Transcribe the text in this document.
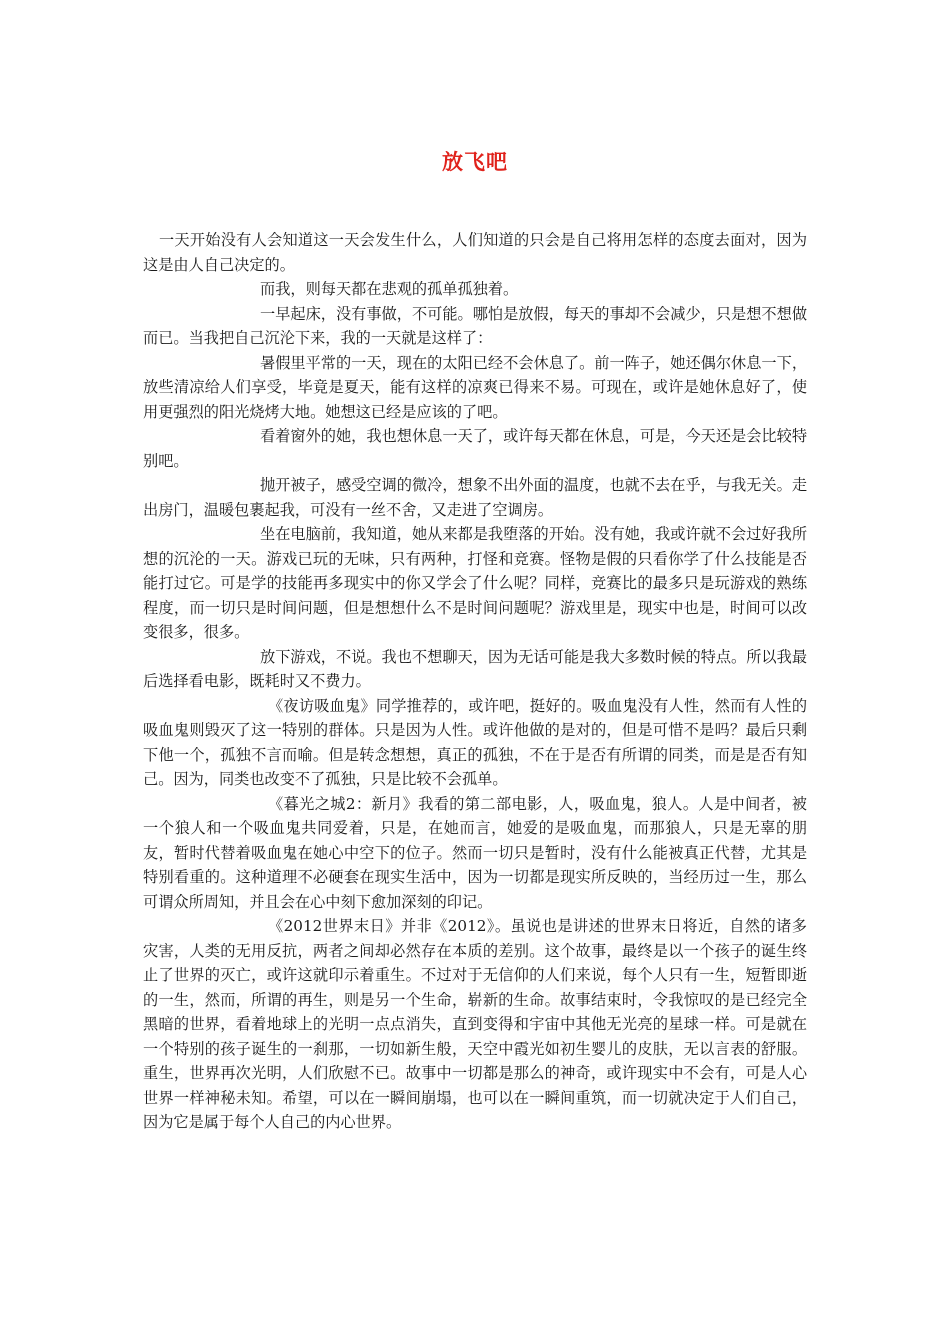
放飞吧

一天开始没有人会知道这一天会发生什么，人们知道的只会是自己将用怎样的态度去面对，因为这是由人自己决定的。

而我，则每天都在悲观的孤单孤独着。

一早起床，没有事做，不可能。哪怕是放假，每天的事却不会减少，只是想不想做而已。当我把自己沉沦下来，我的一天就是这样了：

暑假里平常的一天，现在的太阳已经不会休息了。前一阵子，她还偶尔休息一下，放些清凉给人们享受，毕竟是夏天，能有这样的凉爽已得来不易。可现在，或许是她休息好了，使用更强烈的阳光烧烤大地。她想这已经是应该的了吧。

看着窗外的她，我也想休息一天了，或许每天都在休息，可是，今天还是会比较特别吧。

抛开被子，感受空调的微冷，想象不出外面的温度，也就不去在乎，与我无关。走出房门，温暖包裹起我，可没有一丝不舍，又走进了空调房。

坐在电脑前，我知道，她从来都是我堕落的开始。没有她，我或许就不会过好我所想的沉沦的一天。游戏已玩的无味，只有两种，打怪和竞赛。怪物是假的只看你学了什么技能是否能打过它。可是学的技能再多现实中的你又学会了什么呢？同样，竞赛比的最多只是玩游戏的熟练程度，而一切只是时间问题，但是想想什么不是时间问题呢？游戏里是，现实中也是，时间可以改变很多，很多。

放下游戏，不说。我也不想聊天，因为无话可能是我大多数时候的特点。所以我最后选择看电影，既耗时又不费力。

《夜访吸血鬼》同学推荐的，或许吧，挺好的。吸血鬼没有人性，然而有人性的吸血鬼则毁灭了这一特别的群体。只是因为人性。或许他做的是对的，但是可惜不是吗？最后只剩下他一个，孤独不言而喻。但是转念想想，真正的孤独，不在于是否有所谓的同类，而是是否有知己。因为，同类也改变不了孤独，只是比较不会孤单。

《暮光之城2：新月》我看的第二部电影，人，吸血鬼，狼人。人是中间者，被一个狼人和一个吸血鬼共同爱着，只是，在她而言，她爱的是吸血鬼，而那狼人，只是无辜的朋友，暂时代替着吸血鬼在她心中空下的位子。然而一切只是暂时，没有什么能被真正代替，尤其是特别看重的。这种道理不必硬套在现实生活中，因为一切都是现实所反映的，当经历过一生，那么可谓众所周知，并且会在心中刻下愈加深刻的印记。

《2012世界末日》并非《2012》。虽说也是讲述的世界末日将近，自然的诸多灾害，人类的无用反抗，两者之间却必然存在本质的差别。这个故事，最终是以一个孩子的诞生终止了世界的灭亡，或许这就印示着重生。不过对于无信仰的人们来说，每个人只有一生，短暂即逝的一生，然而，所谓的再生，则是另一个生命，崭新的生命。故事结束时，令我惊叹的是已经完全黑暗的世界，看着地球上的光明一点点消失，直到变得和宇宙中其他无光亮的星球一样。可是就在一个特别的孩子诞生的一刹那，一切如新生般，天空中霞光如初生婴儿的皮肤，无以言表的舒服。重生，世界再次光明，人们欣慰不已。故事中一切都是那么的神奇，或许现实中不会有，可是人心世界一样神秘未知。希望，可以在一瞬间崩塌，也可以在一瞬间重筑，而一切就决定于人们自己，因为它是属于每个人自己的内心世界。
